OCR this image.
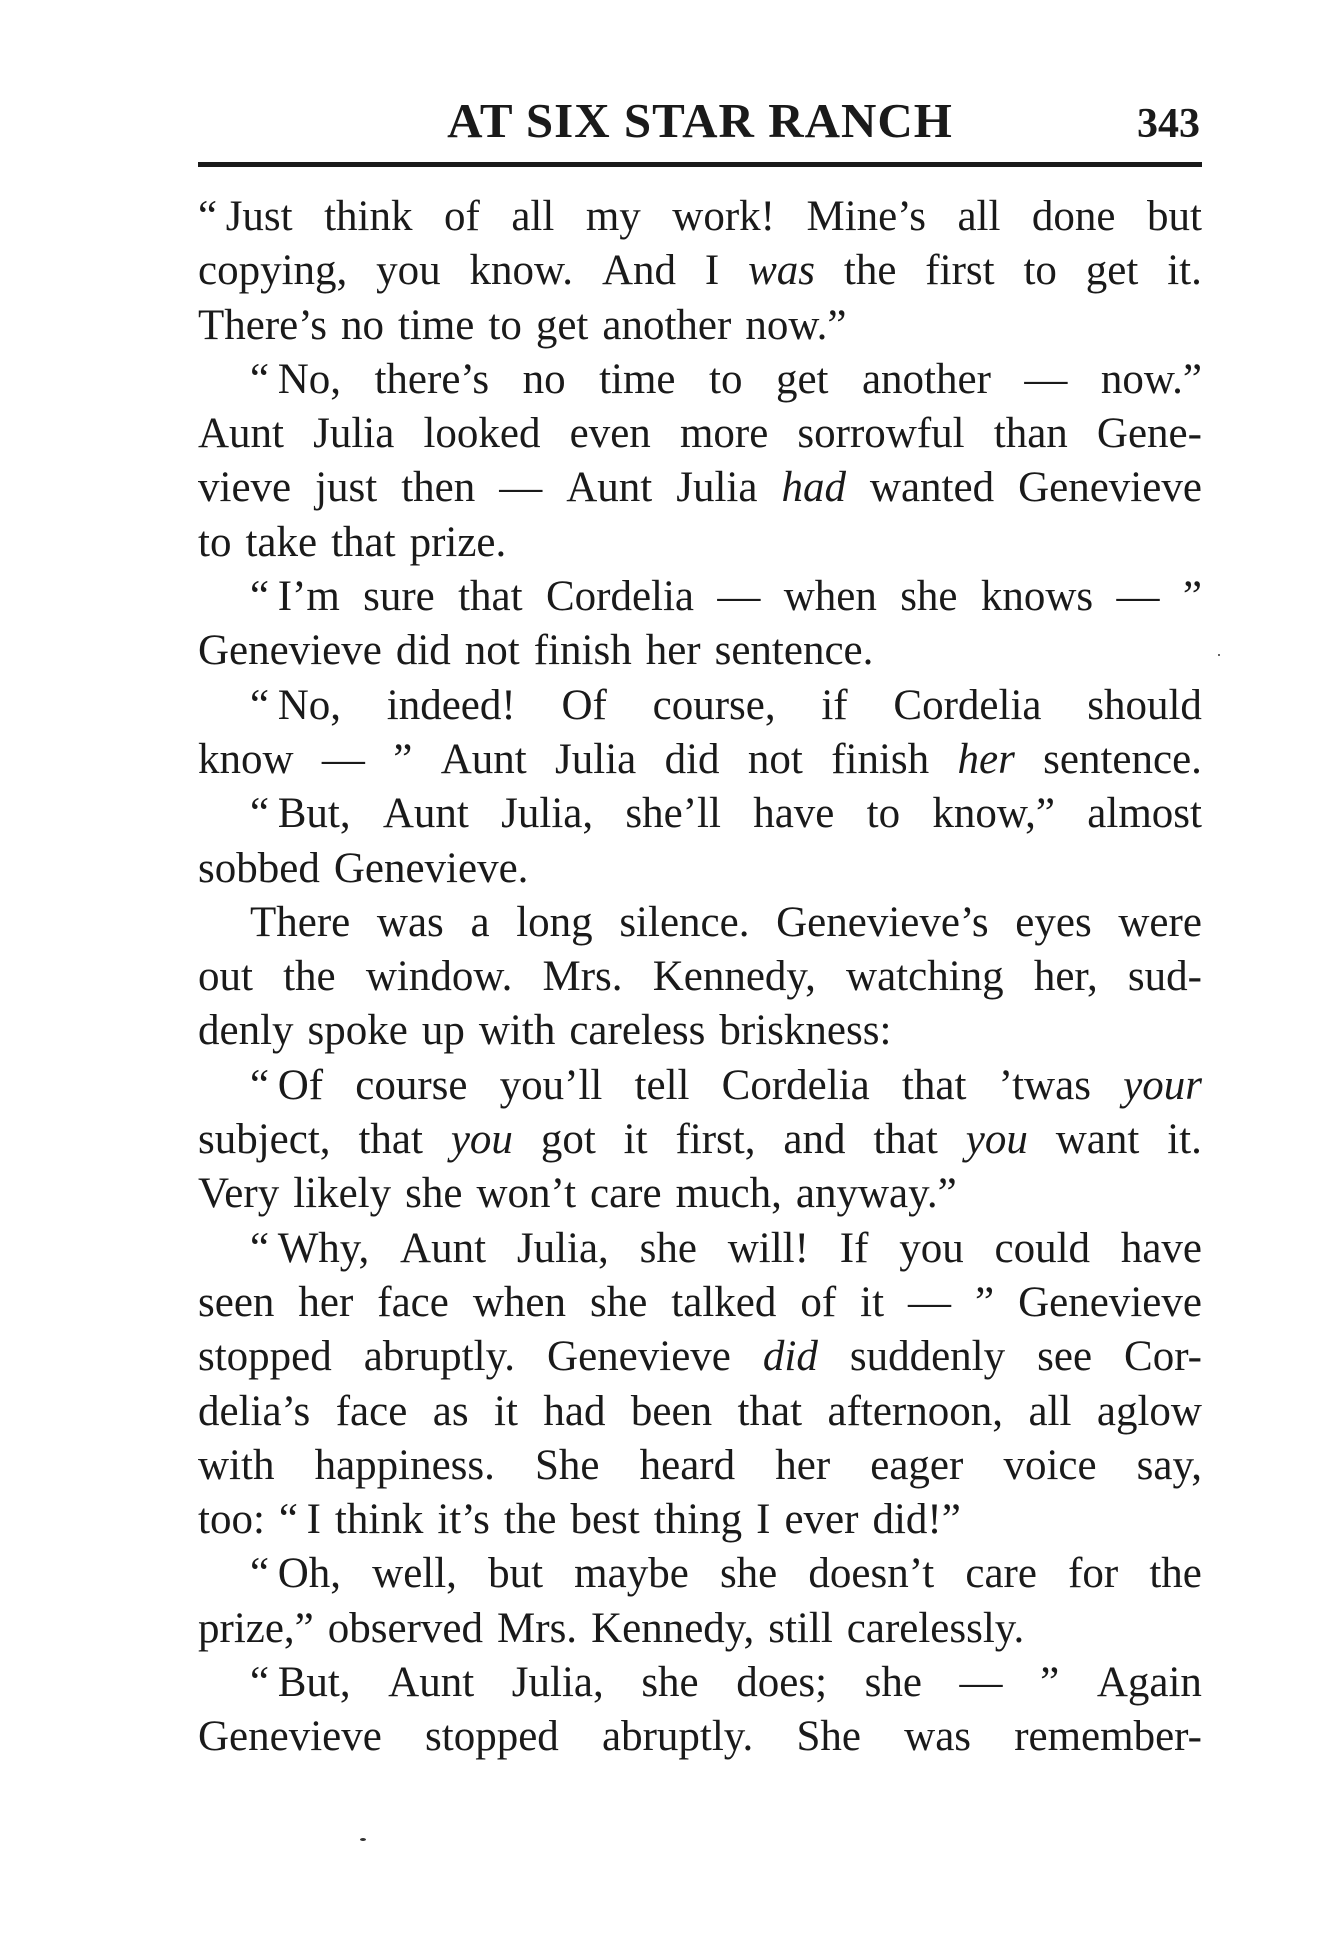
AT SIX STAR RANCH	343
“ Just think of all my work! Mine’s all done but
copying, you know. And I was the first to get it.
There’s no time to get another now.”
“ No, there’s no time to get another — now.”
Aunt Julia looked even more sorrowful than Gene-
vieve just then — Aunt Julia had wanted Genevieve
to take that prize.
“ I’m sure that Cordelia — when she knows — ”
Genevieve did not finish her sentence.
“ No, indeed! Of course, if Cordelia should
know — ” Aunt Julia did not finish her sentence.
“ But, Aunt Julia, she’ll have to know,” almost
sobbed Genevieve.
There was a long silence. Genevieve’s eyes were
out the window. Mrs. Kennedy, watching her, sud-
denly spoke up with careless briskness:
“ Of course you’ll tell Cordelia that ’twas your
subject, that you got it first, and that you want it.
Very likely she won’t care much, anyway.”
“ Why, Aunt Julia, she will! If you could have
seen her face when she talked of it — ” Genevieve
stopped abruptly. Genevieve did suddenly see Cor-
delia’s face as it had been that afternoon, all aglow
with happiness. She heard her eager voice say,
too: “ I think it’s the best thing I ever did!”
“ Oh, well, but maybe she doesn’t care for the
prize,” observed Mrs. Kennedy, still carelessly.
“ But, Aunt Julia, she does; she — ” Again
Genevieve stopped abruptly. She was remember-
